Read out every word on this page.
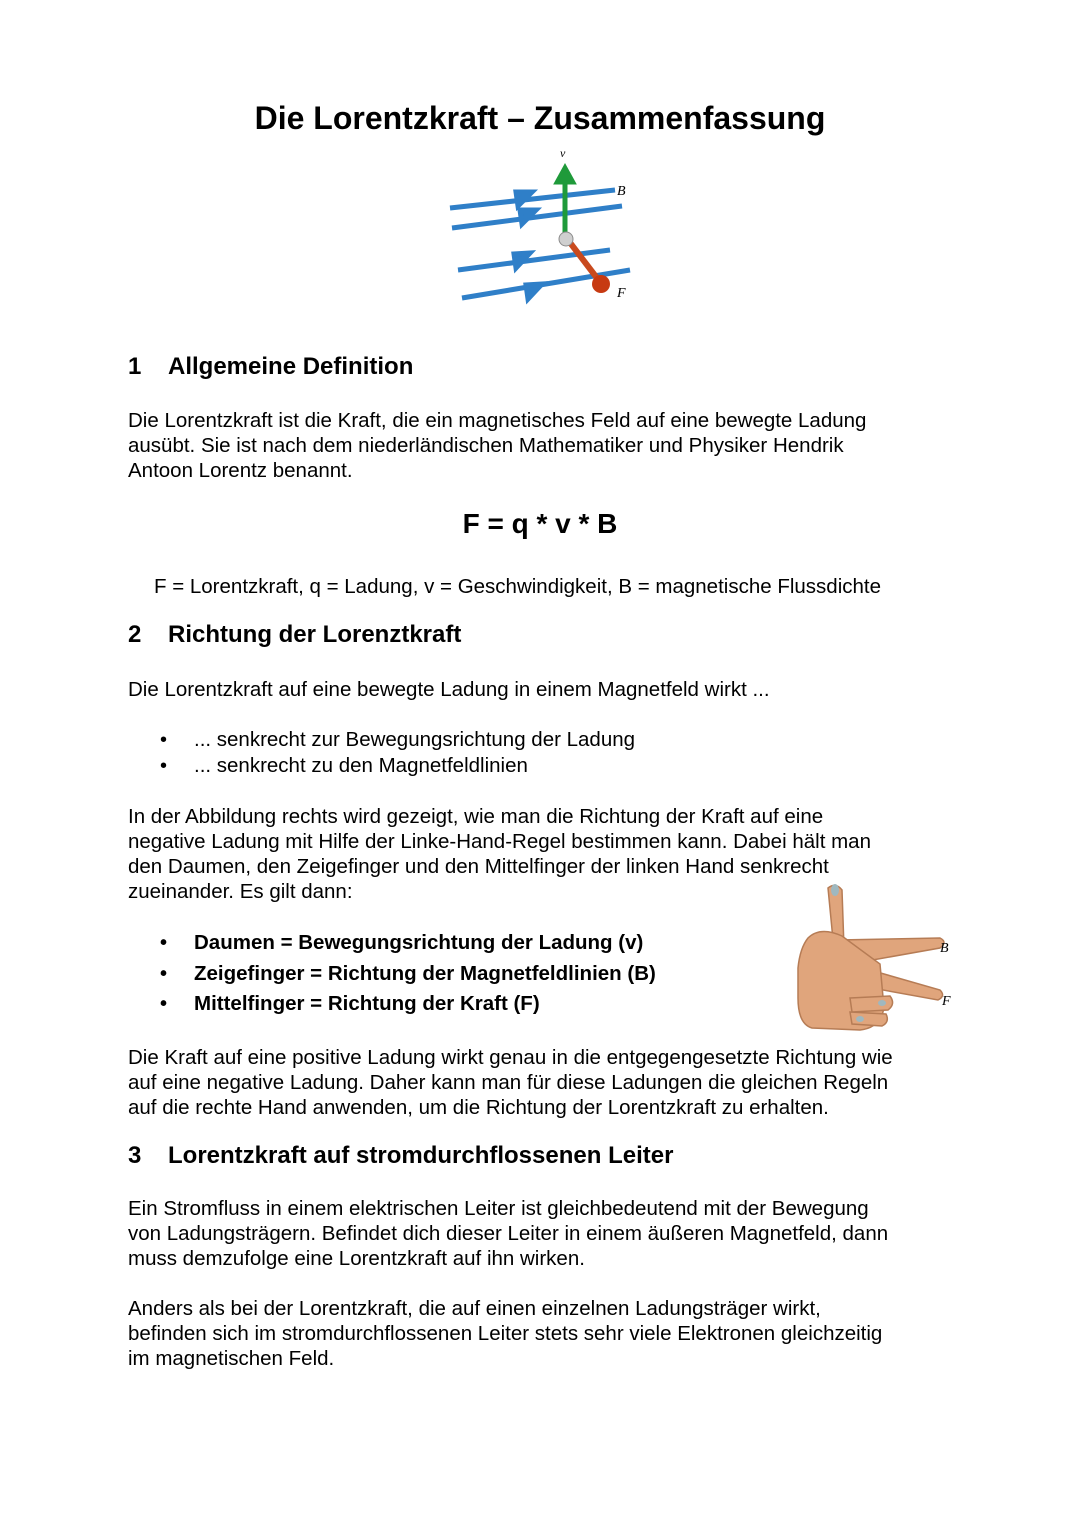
Die Lorentzkraft – Zusammenfassung
v
B
F
1 Allgemeine Definition

Die Lorentzkraft ist die Kraft, die ein magnetisches Feld auf eine bewegte Ladung
ausübt. Sie ist nach dem niederländischen Mathematiker und Physiker Hendrik
Antoon Lorentz benannt.

F = q * v * B

F = Lorentzkraft, q = Ladung, v = Geschwindigkeit, B = magnetische Flussdichte

2 Richtung der Lorenztkraft

Die Lorentzkraft auf eine bewegte Ladung in einem Magnetfeld wirkt ...

• ... senkrecht zur Bewegungsrichtung der Ladung
• ... senkrecht zu den Magnetfeldlinien

In der Abbildung rechts wird gezeigt, wie man die Richtung der Kraft auf eine
negative Ladung mit Hilfe der Linke-Hand-Regel bestimmen kann. Dabei hält man
den Daumen, den Zeigefinger und den Mittelfinger der linken Hand senkrecht
zueinander. Es gilt dann:

• Daumen = Bewegungsrichtung der Ladung (v)
• Zeigefinger = Richtung der Magnetfeldlinien (B)
• Mittelfinger = Richtung der Kraft (F)
B
F

Die Kraft auf eine positive Ladung wirkt genau in die entgegengesetzte Richtung wie
auf eine negative Ladung. Daher kann man für diese Ladungen die gleichen Regeln
auf die rechte Hand anwenden, um die Richtung der Lorentzkraft zu erhalten.

3 Lorentzkraft auf stromdurchflossenen Leiter

Ein Stromfluss in einem elektrischen Leiter ist gleichbedeutend mit der Bewegung
von Ladungsträgern. Befindet dich dieser Leiter in einem äußeren Magnetfeld, dann
muss demzufolge eine Lorentzkraft auf ihn wirken.

Anders als bei der Lorentzkraft, die auf einen einzelnen Ladungsträger wirkt,
befinden sich im stromdurchflossenen Leiter stets sehr viele Elektronen gleichzeitig
im magnetischen Feld.
